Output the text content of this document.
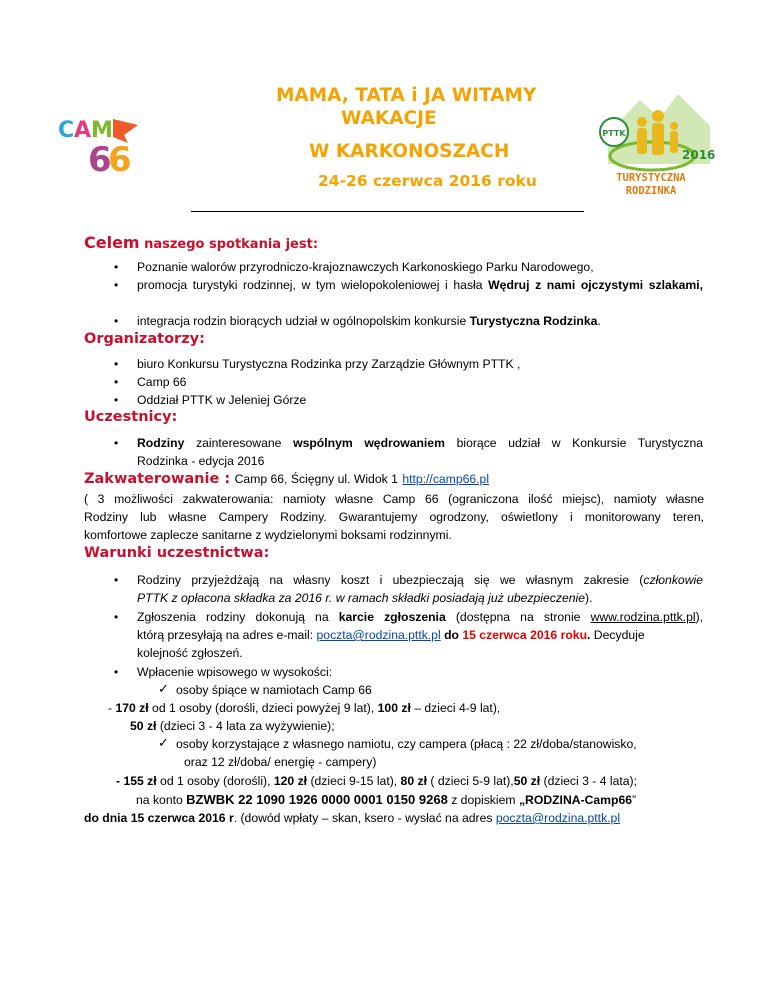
MAMA, TATA i JA WITAMY
WAKACJE
W KARKONOSZACH
24-26 czerwca 2016 roku
C A M
6
6
PTTK
2016
TURYSTYCZNA
RODZINKA
Celem naszego spotkania jest:
• Poznanie walorów przyrodniczo-krajoznawczych Karkonoskiego Parku Narodowego,
• promocja turystyki rodzinnej, w tym wielopokoleniowej i hasła Wędruj z nami ojczystymi szlakami,
• integracja rodzin biorących udział w ogólnopolskim konkursie Turystyczna Rodzinka.
Organizatorzy:
• biuro Konkursu Turystyczna Rodzinka przy Zarządzie Głównym PTTK ,
• Camp 66
• Oddział PTTK w Jeleniej Górze
Uczestnicy:
• Rodziny zainteresowane wspólnym wędrowaniem biorące udział w Konkursie Turystyczna
Rodzinka - edycja 2016
Zakwaterowanie : Camp 66, Ścięgny ul. Widok 1 http://camp66.pl
( 3 możliwości zakwaterowania: namioty własne Camp 66 (ograniczona ilość miejsc), namioty własne
Rodziny lub własne Campery Rodziny. Gwarantujemy ogrodzony, oświetlony i monitorowany teren,
komfortowe zaplecze sanitarne z wydzielonymi boksami rodzinnymi.
Warunki uczestnictwa:
• Rodziny przyjeżdżają na własny koszt i ubezpieczają się we własnym zakresie (członkowie
PTTK z opłacona składka za 2016 r. w ramach składki posiadają już ubezpieczenie).
• Zgłoszenia rodziny dokonują na karcie zgłoszenia (dostępna na stronie www.rodzina.pttk.pl),
którą przesyłają na adres e-mail: poczta@rodzina.pttk.pl do 15 czerwca 2016 roku. Decyduje
kolejność zgłoszeń.
• Wpłacenie wpisowego w wysokości:
✓ osoby śpiące w namiotach Camp 66
- 170 zł od 1 osoby (dorośli, dzieci powyżej 9 lat), 100 zł – dzieci 4-9 lat),
50 zł (dzieci 3 - 4 lata za wyżywienie);
✓ osoby korzystające z własnego namiotu, czy campera (płacą : 22 zł/doba/stanowisko,
oraz 12 zł/doba/ energię - campery)
- 155 zł od 1 osoby (dorośli), 120 zł (dzieci 9-15 lat), 80 zł ( dzieci 5-9 lat),50 zł (dzieci 3 - 4 lata);
na konto BZWBK 22 1090 1926 0000 0001 0150 9268 z dopiskiem „RODZINA-Camp66”
do dnia 15 czerwca 2016 r. (dowód wpłaty – skan, ksero - wysłać na adres poczta@rodzina.pttk.pl
